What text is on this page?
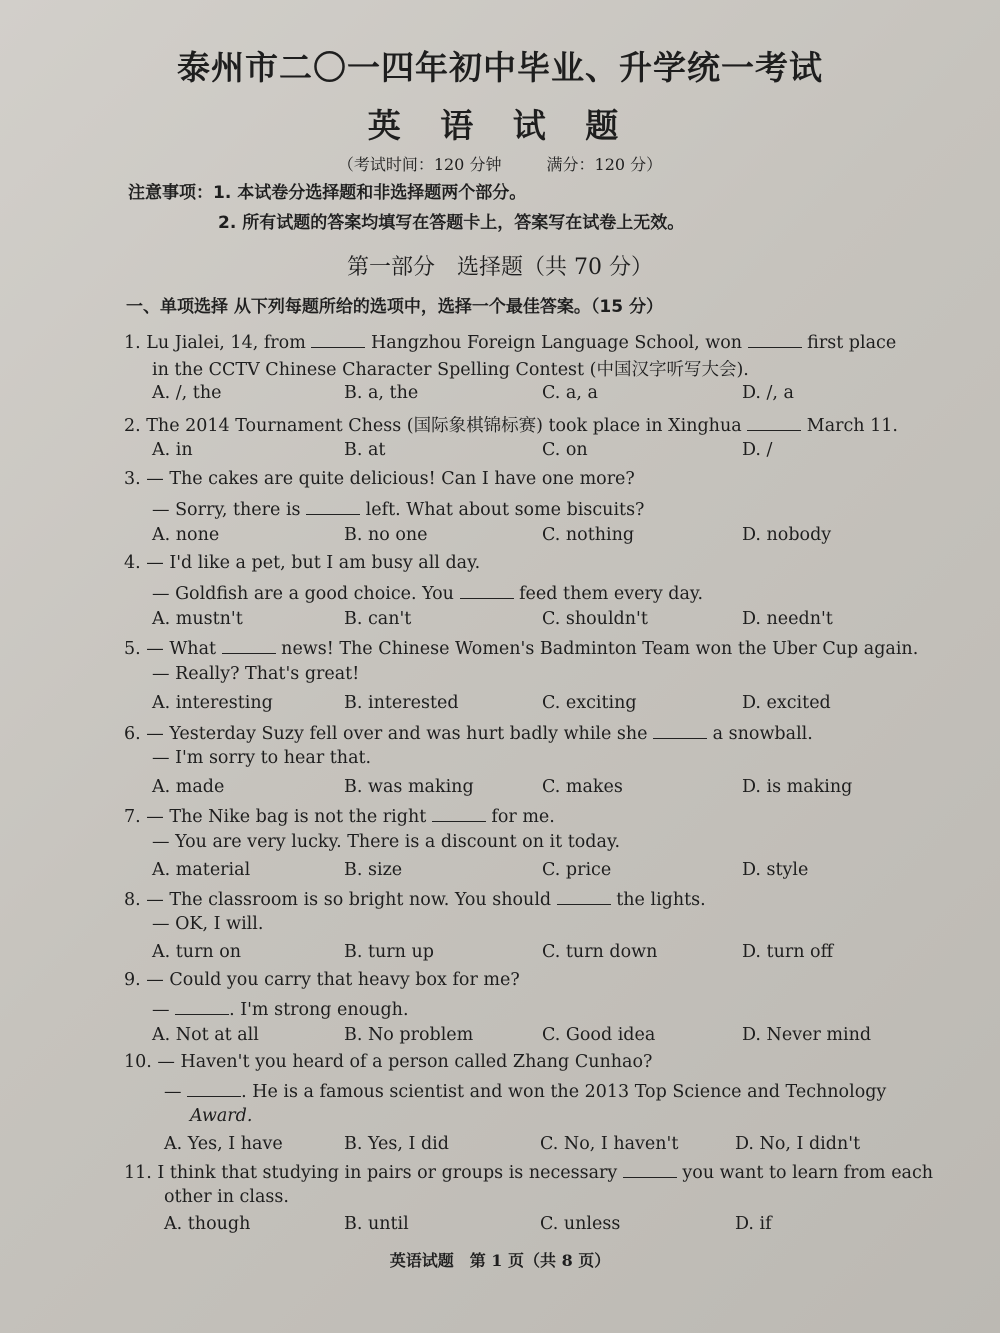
泰州市二〇一四年初中毕业、升学统一考试
英 语 试 题
（考试时间：120 分钟	满分：120 分）
注意事项：1. 本试卷分选择题和非选择题两个部分。
2. 所有试题的答案均填写在答题卡上，答案写在试卷上无效。
第一部分　选择题（共 70 分）
一、单项选择 从下列每题所给的选项中，选择一个最佳答案。（15 分）
1. Lu Jialei, 14, from	Hangzhou Foreign Language School, won	first place
in the CCTV Chinese Character Spelling Contest (中国汉字听写大会).
A. /, the	B. a, the	C. a, a	D. /, a
2. The 2014 Tournament Chess (国际象棋锦标赛) took place in Xinghua	March 11.
A. in	B. at	C. on	D. /
3. — The cakes are quite delicious! Can I have one more?
— Sorry, there is	left. What about some biscuits?
A. none	B. no one	C. nothing	D. nobody
4. — I'd like a pet, but I am busy all day.
— Goldfish are a good choice. You	feed them every day.
A. mustn't	B. can't	C. shouldn't	D. needn't
5. — What	news! The Chinese Women's Badminton Team won the Uber Cup again.
— Really? That's great!
A. interesting	B. interested	C. exciting	D. excited
6. — Yesterday Suzy fell over and was hurt badly while she	a snowball.
— I'm sorry to hear that.
A. made	B. was making	C. makes	D. is making
7. — The Nike bag is not the right	for me.
— You are very lucky. There is a discount on it today.
A. material	B. size	C. price	D. style
8. — The classroom is so bright now. You should	the lights.
— OK, I will.
A. turn on	B. turn up	C. turn down	D. turn off
9. — Could you carry that heavy box for me?
—	. I'm strong enough.
A. Not at all	B. No problem	C. Good idea	D. Never mind
10. — Haven't you heard of a person called Zhang Cunhao?
—	. He is a famous scientist and won the 2013 Top Science and Technology
Award.
A. Yes, I have	B. Yes, I did	C. No, I haven't	D. No, I didn't
11. I think that studying in pairs or groups is necessary	you want to learn from each
other in class.
A. though	B. until	C. unless	D. if
英语试题　第 1 页（共 8 页）
